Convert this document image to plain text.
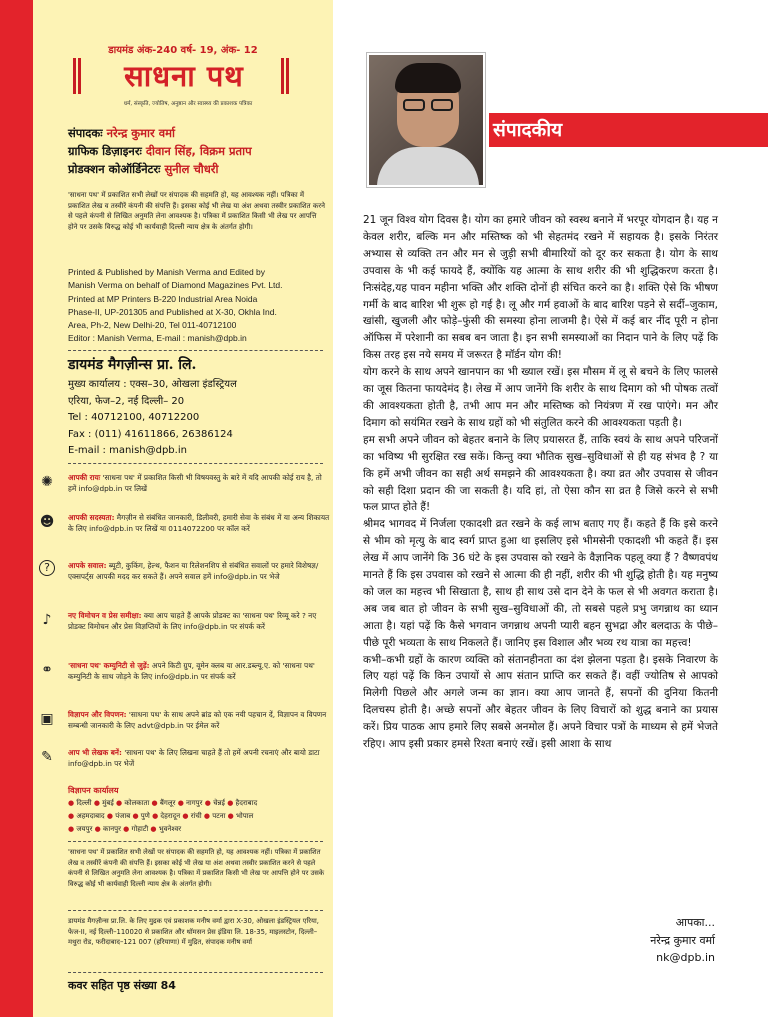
डायमंड अंक-240 वर्ष- 19, अंक- 12
साधना पथ
धर्म, संस्कृति, ज्योतिष, अनुष्ठान और स्वास्थ्य की प्रकाशक पत्रिका
संपादकः नरेन्द्र कुमार वर्मा
ग्राफिक डिज़ाइनरः दीवान सिंह, विक्रम प्रताप
प्रोडक्शन कोऑर्डिनेटरः सुनील चौधरी
'साधना पथ' में प्रकाशित सभी लेखों पर संपादक की सहमति हो, यह आवश्यक नहीं। पत्रिका में प्रकाशित लेख व तस्वीरें कंपनी की संपत्ति हैं। इसका कोई भी लेख या अंश अथवा तस्वीर प्रकाशित करने से पहले कंपनी से लिखित अनुमति लेना आवश्यक है। पत्रिका में प्रकाशित किसी भी लेख पर आपत्ति होने पर उसके विरुद्ध कोई भी कार्यवाही दिल्ली न्याय क्षेत्र के अंतर्गत होगी।
Printed & Published by Manish Verma and Edited by
Manish Verma on behalf of Diamond Magazines Pvt. Ltd.
Printed at MP Printers B-220 Industrial Area Noida
Phase-II, UP-201305 and Published at X-30, Okhla Ind.
Area, Ph-2, New Delhi-20, Tel 011-40712100
Editor : Manish Verma, E-mail : manish@dpb.in
डायमंड मैगज़ीन्स प्रा. लि.
मुख्य कार्यालय : एक्स–30, ओखला इंडस्ट्रियल
एरिया, फेज–2, नई दिल्ली– 20
Tel : 40712100, 40712200
Fax : (011) 41611866, 26386124
E-mail : manish@dpb.in
✺	आपकी रायः 'साधना पथ' में प्रकाशित किसी भी विषयवस्तु के बारे में यदि आपकी कोई राय है, तो हमें info@dpb.in पर लिखें
☻	आपकी सदस्यता: मैगज़ीन से संबंधित जानकारी, डिलीवरी, हमारी सेवा के संबंध में या अन्य शिकायत के लिए info@dpb.in पर लिखें या 0114072200 पर कॉल करें
?	आपके सवाल: ब्यूटी, कुकिंग, हेल्थ, फैशन या रिलेशनशिप से संबंधित सवालों पर हमारे विशेषज्ञ/एक्सपर्ट्स आपकी मदद कर सकते हैं। अपने सवाल हमें info@dpb.in पर भेजे
♪	नए विमोचन व प्रेस समीक्षा: क्या आप चाहते हैं आपके प्रोडक्ट का 'साधना पथ' रिव्यू करे ? नए प्रोडक्ट विमोचन और प्रेस विज्ञप्तियों के लिए info@dpb.in पर संपर्क करें
⚭	'साधना पथ' कम्युनिटी से जुड़ें: अपने किटी ग्रुप, वूमेन क्लब या आर.डब्ल्यू.ए. को 'साधना पथ' कम्युनिटी के साथ जोड़ने के लिए info@dpb.in पर संपर्क करें
▣	विज्ञापन और विपणन: 'साधना पथ' के साथ अपने ब्रांड को एक नयी पहचान दें, विज्ञापन व विपणन सम्बन्धी जानकारी के लिए advt@dpb.in पर ईमेल करें
✎	आप भी लेखक बनें: 'साधना पथ' के लिए लिखना चाहते हैं तो हमें अपनी रचनाएं और बायो डाटा info@dpb.in पर भेजें
विज्ञापन कार्यालय
● दिल्ली ● मुंबई ● कोलकाता ● बैंगलूर ● नागपुर ● चेन्नई ● हैदराबाद
● अहमदाबाद ● पंजाब ● पुणे ● देहरादून ● रांची ● पटना ● भोपाल
● जयपुर ● कानपुर ● गोहाटी ● भुवनेश्वर
'साधना पथ' में प्रकाशित सभी लेखों पर संपादक की सहमति हो, यह आवश्यक नहीं। पत्रिका में प्रकाशित लेख व तस्वीरें कंपनी की संपत्ति हैं। इसका कोई भी लेख या अंश अथवा तस्वीर प्रकाशित करने से पहले कंपनी से लिखित अनुमति लेना आवश्यक है। पत्रिका में प्रकाशित किसी भी लेख पर आपत्ति होने पर उसके विरुद्ध कोई भी कार्यवाही दिल्ली न्याय क्षेत्र के अंतर्गत होगी।
डायमंड मैगज़ीन्स प्रा.लि. के लिए मुद्रक एवं प्रकाशक मनीष वर्मा द्वारा X-30, ओखला इंडस्ट्रियल एरिया, फेज-II, नई दिल्ली–110020 से प्रकाशित और थॉमसन प्रेस इंडिया लि. 18-35, माइलस्टोन, दिल्ली–मथुरा रोड, फरीदाबाद–121 007 (हरियाणा) में मुद्रित, संपादक मनीष वर्मा
कवर सहित पृष्ठ संख्या 84
संपादकीय

21 जून विश्व योग दिवस है। योग का हमारे जीवन को स्वस्थ बनाने में भरपूर योगदान है। यह न केवल शरीर, बल्कि मन और मस्तिष्क को भी सेहतमंद रखने में सहायक है। इसके निरंतर अभ्यास से व्यक्ति तन और मन से जुड़ी सभी बीमारियों को दूर कर सकता है। योग के साथ उपवास के भी कई फायदे हैं, क्योंकि यह आत्मा के साथ शरीर की भी शुद्धिकरण करता है। निःसंदेह,यह पावन महीना भक्ति और शक्ति दोनों ही संचित करने का है। शक्ति ऐसे कि भीषण गर्मी के बाद बारिश भी शुरू हो गई है। लू और गर्म हवाओं के बाद बारिश पड़ने से सर्दी–जुकाम, खांसी, खुजली और फोड़े–फुंसी की समस्या होना लाजमी है। ऐसे में कई बार नींद पूरी न होना ऑफिस में परेशानी का सबब बन जाता है। इन सभी समस्याओं का निदान पाने के लिए पढ़ें कि किस तरह इस नये समय में जरूरत है मॉर्डन योग की!

योग करने के साथ अपने खानपान का भी ख्याल रखें। इस मौसम में लू से बचने के लिए फालसे का जूस कितना फायदेमंद है। लेख में आप जानेंगे कि शरीर के साथ दिमाग को भी पोषक तत्वों की आवश्यकता होती है, तभी आप मन और मस्तिष्क को नियंत्रण में रख पाएंगे। मन और दिमाग को सयंमित रखने के साथ ग्रहों को भी संतुलित करने की आवश्यकता पड़ती है।

हम सभी अपने जीवन को बेहतर बनाने के लिए प्रयासरत हैं, ताकि स्वयं के साथ अपने परिजनों का भविष्य भी सुरक्षित रख सकें। किन्तु क्या भौतिक सुख–सुविधाओं से ही यह संभव है ? या कि हमें अभी जीवन का सही अर्थ समझने की आवश्यकता है। क्या व्रत और उपवास से जीवन को सही दिशा प्रदान की जा सकती है। यदि हां, तो ऐसा कौन सा व्रत है जिसे करने से सभी फल प्राप्त होते हैं!

श्रीमद भागवद में निर्जला एकादशी व्रत रखने के कई लाभ बताए गए हैं। कहते हैं कि इसे करने से भीम को मृत्यु के बाद स्वर्ग प्राप्त हुआ था इसलिए इसे भीमसेनी एकादशी भी कहते हैं। इस लेख में आप जानेंगे कि 36 घंटे के इस उपवास को रखने के वैज्ञानिक पहलू क्या हैं ? वैष्णवपंथ मानते हैं कि इस उपवास को रखने से आत्मा की ही नहीं, शरीर की भी शुद्धि होती है। यह मनुष्य को जल का महत्त्व भी सिखाता है, साथ ही साथ उसे दान देने के फल से भी अवगत कराता है। अब जब बात हो जीवन के सभी सुख–सुविधाओं की, तो सबसे पहले प्रभु जगन्नाथ का ध्यान आता है। यहां पढ़ें कि कैसे भगवान जगन्नाथ अपनी प्यारी बहन सुभद्रा और बलदाऊ के पीछे–पीछे पूरी भव्यता के साथ निकलते हैं। जानिए इस विशाल और भव्य रथ यात्रा का महत्त्व!

कभी–कभी ग्रहों के कारण व्यक्ति को संतानहीनता का दंश झेलना पड़ता है। इसके निवारण के लिए यहां पढ़ें कि किन उपायों से आप संतान प्राप्ति कर सकते हैं। वहीं ज्योतिष से आपको मिलेगी पिछले और अगले जन्म का ज्ञान। क्या आप जानते हैं, सपनों की दुनिया कितनी दिलचस्प होती है। अच्छे सपनों और बेहतर जीवन के लिए विचारों को शुद्ध बनाने का प्रयास करें। प्रिय पाठक आप हमारे लिए सबसे अनमोल हैं। अपने विचार पत्रों के माध्यम से हमें भेजते रहिए। आप इसी प्रकार हमसे रिश्ता बनाएं रखें। इसी आशा के साथ

आपका...
नरेन्द्र कुमार वर्मा
nk@dpb.in
